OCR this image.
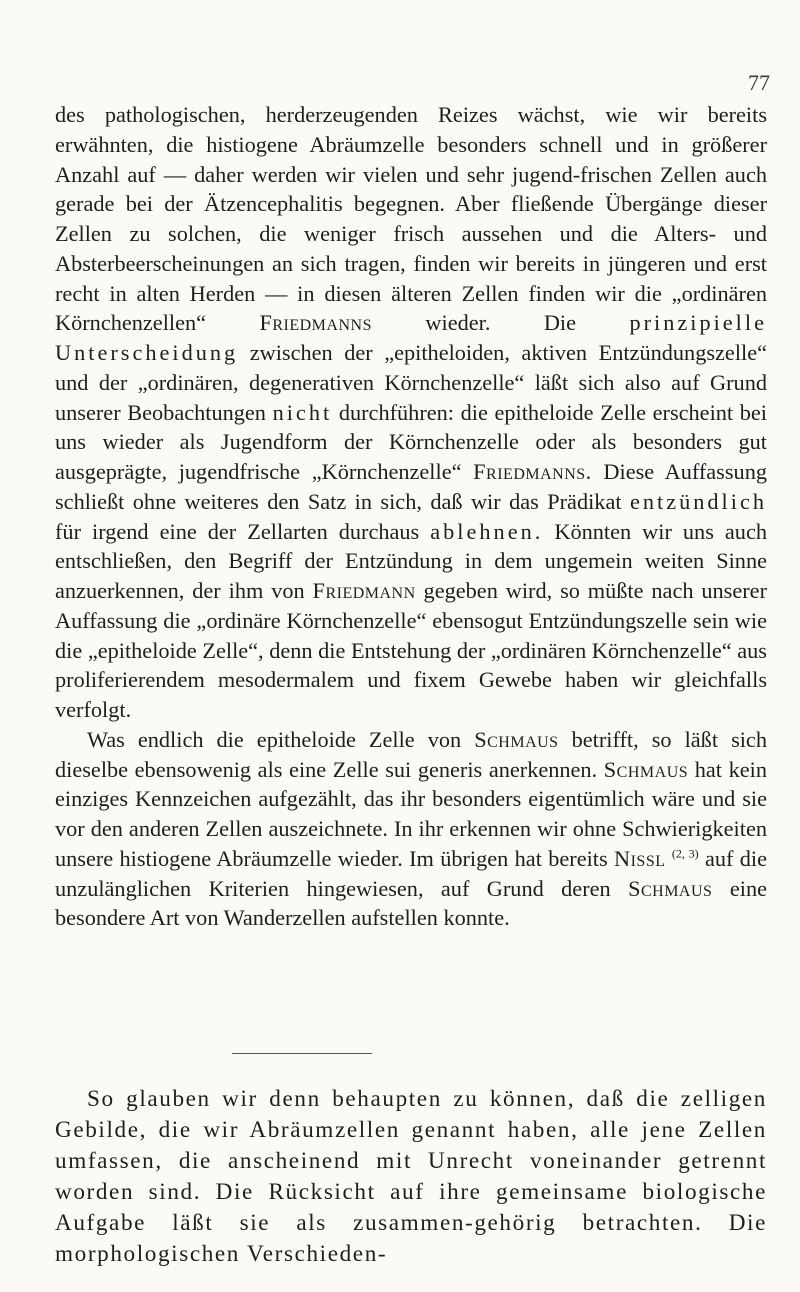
77

des pathologischen, herderzeugenden Reizes wächst, wie wir bereits erwähnten, die histiogene Abräumzelle besonders schnell und in größerer Anzahl auf — daher werden wir vielen und sehr jugend-frischen Zellen auch gerade bei der Ätzencephalitis begegnen. Aber fließende Übergänge dieser Zellen zu solchen, die weniger frisch aussehen und die Alters- und Absterbeerscheinungen an sich tragen, finden wir bereits in jüngeren und erst recht in alten Herden — in diesen älteren Zellen finden wir die „ordinären Körnchenzellen“ Friedmanns wieder. Die prinzipielle Unterscheidung zwischen der „epitheloiden, aktiven Entzündungszelle“ und der „ordinären, degenerativen Körnchenzelle“ läßt sich also auf Grund unserer Beobachtungen nicht durchführen: die epitheloide Zelle erscheint bei uns wieder als Jugendform der Körnchenzelle oder als besonders gut ausgeprägte, jugendfrische „Körnchenzelle“ Friedmanns. Diese Auffassung schließt ohne weiteres den Satz in sich, daß wir das Prädikat entzündlich für irgend eine der Zellarten durchaus ablehnen. Könnten wir uns auch entschließen, den Begriff der Entzündung in dem ungemein weiten Sinne anzuerkennen, der ihm von Friedmann gegeben wird, so müßte nach unserer Auffassung die „ordinäre Körnchenzelle“ ebensogut Entzündungszelle sein wie die „epitheloide Zelle“, denn die Entstehung der „ordinären Körnchenzelle“ aus proliferierendem mesodermalem und fixem Gewebe haben wir gleichfalls verfolgt.

Was endlich die epitheloide Zelle von Schmaus betrifft, so läßt sich dieselbe ebensowenig als eine Zelle sui generis anerkennen. Schmaus hat kein einziges Kennzeichen aufgezählt, das ihr besonders eigentümlich wäre und sie vor den anderen Zellen auszeichnete. In ihr erkennen wir ohne Schwierigkeiten unsere histiogene Abräumzelle wieder. Im übrigen hat bereits Nissl $^{(2, 3)}$ auf die unzulänglichen Kriterien hingewiesen, auf Grund deren Schmaus eine besondere Art von Wanderzellen aufstellen konnte.

So glauben wir denn behaupten zu können, daß die zelligen Gebilde, die wir Abräumzellen genannt haben, alle jene Zellen umfassen, die anscheinend mit Unrecht voneinander getrennt worden sind. Die Rücksicht auf ihre gemeinsame biologische Aufgabe läßt sie als zusammen-gehörig betrachten. Die morphologischen Verschieden-
